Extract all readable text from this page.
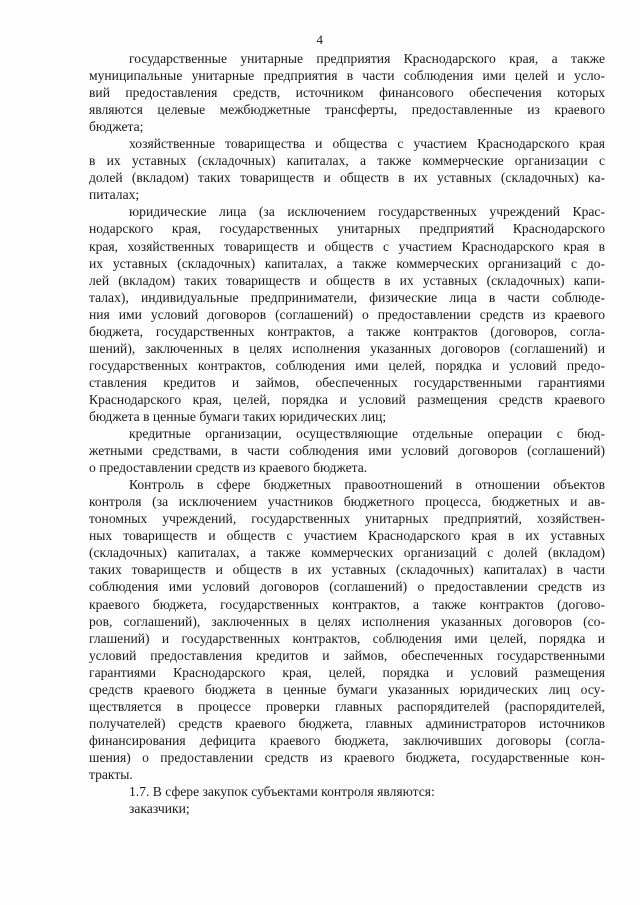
4
государственные унитарные предприятия Краснодарского края, а также
муниципальные унитарные предприятия в части соблюдения ими целей и усло-
вий предоставления средств, источником финансового обеспечения которых
являются целевые межбюджетные трансферты, предоставленные из краевого
бюджета;
хозяйственные товарищества и общества с участием Краснодарского края
в их уставных (складочных) капиталах, а также коммерческие организации с
долей (вкладом) таких товариществ и обществ в их уставных (складочных) ка-
питалах;
юридические лица (за исключением государственных учреждений Крас-
нодарского края, государственных унитарных предприятий Краснодарского
края, хозяйственных товариществ и обществ с участием Краснодарского края в
их уставных (складочных) капиталах, а также коммерческих организаций с до-
лей (вкладом) таких товариществ и обществ в их уставных (складочных) капи-
талах), индивидуальные предприниматели, физические лица в части соблюде-
ния ими условий договоров (соглашений) о предоставлении средств из краевого
бюджета, государственных контрактов, а также контрактов (договоров, согла-
шений), заключенных в целях исполнения указанных договоров (соглашений) и
государственных контрактов, соблюдения ими целей, порядка и условий предо-
ставления кредитов и займов, обеспеченных государственными гарантиями
Краснодарского края, целей, порядка и условий размещения средств краевого
бюджета в ценные бумаги таких юридических лиц;
кредитные организации, осуществляющие отдельные операции с бюд-
жетными средствами, в части соблюдения ими условий договоров (соглашений)
о предоставлении средств из краевого бюджета.
Контроль в сфере бюджетных правоотношений в отношении объектов
контроля (за исключением участников бюджетного процесса, бюджетных и ав-
тономных учреждений, государственных унитарных предприятий, хозяйствен-
ных товариществ и обществ с участием Краснодарского края в их уставных
(складочных) капиталах, а также коммерческих организаций с долей (вкладом)
таких товариществ и обществ в их уставных (складочных) капиталах) в части
соблюдения ими условий договоров (соглашений) о предоставлении средств из
краевого бюджета, государственных контрактов, а также контрактов (догово-
ров, соглашений), заключенных в целях исполнения указанных договоров (со-
глашений) и государственных контрактов, соблюдения ими целей, порядка и
условий предоставления кредитов и займов, обеспеченных государственными
гарантиями Краснодарского края, целей, порядка и условий размещения
средств краевого бюджета в ценные бумаги указанных юридических лиц осу-
ществляется в процессе проверки главных распорядителей (распорядителей,
получателей) средств краевого бюджета, главных администраторов источников
финансирования дефицита краевого бюджета, заключивших договоры (согла-
шения) о предоставлении средств из краевого бюджета, государственные кон-
тракты.
1.7. В сфере закупок субъектами контроля являются:
заказчики;
